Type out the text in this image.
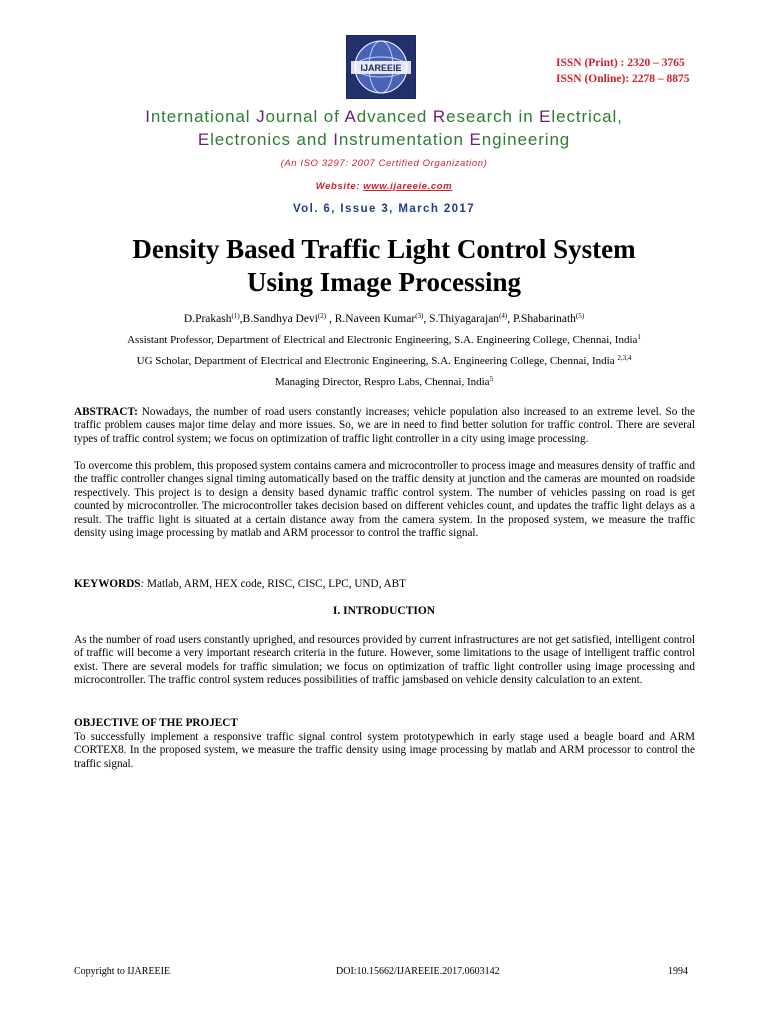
IJAREEIE	ISSN (Print) : 2320 – 3765
ISSN (Online): 2278 – 8875
International Journal of Advanced Research in Electrical,
Electronics and Instrumentation Engineering
(An ISO 3297: 2007 Certified Organization)
Website: www.ijareeie.com
Vol. 6, Issue 3, March 2017
Density Based Traffic Light Control System
Using Image Processing
D.Prakash$^{(1)}$,B.Sandhya Devi$^{(2)}$ , R.Naveen Kumar$^{(3)}$, S.Thiyagarajan$^{(4)}$, P.Shabarinath$^{(5)}$
Assistant Professor, Department of Electrical and Electronic Engineering, S.A. Engineering College, Chennai, India$^1$
UG Scholar, Department of Electrical and Electronic Engineering, S.A. Engineering College, Chennai, India $^{2,3,4}$
Managing Director, Respro Labs, Chennai, India$^5$
ABSTRACT: Nowadays, the number of road users constantly increases; vehicle population also increased to an extreme level. So the traffic problem causes major time delay and more issues. So, we are in need to find better solution for traffic control. There are several types of traffic control system; we focus on optimization of traffic light controller in a city using image processing.
To overcome this problem, this proposed system contains camera and microcontroller to process image and measures density of traffic and the traffic controller changes signal timing automatically based on the traffic density at junction and the cameras are mounted on roadside respectively. This project is to design a density based dynamic traffic control system. The number of vehicles passing on road is get counted by microcontroller. The microcontroller takes decision based on different vehicles count, and updates the traffic light delays as a result. The traffic light is situated at a certain distance away from the camera system. In the proposed system, we measure the traffic density using image processing by matlab and ARM processor to control the traffic signal.
KEYWORDS: Matlab, ARM, HEX code, RISC, CISC, LPC, UND, ABT
I. INTRODUCTION
As the number of road users constantly uprighed, and resources provided by current infrastructures are not get satisfied, intelligent control of traffic will become a very important research criteria in the future. However, some limitations to the usage of intelligent traffic control exist. There are several models for traffic simulation; we focus on optimization of traffic light controller using image processing and microcontroller. The traffic control system reduces possibilities of traffic jamsbased on vehicle density calculation to an extent.
OBJECTIVE OF THE PROJECT
To successfully implement a responsive traffic signal control system prototypewhich in early stage used a beagle board and ARM CORTEX8. In the proposed system, we measure the traffic density using image processing by matlab and ARM processor to control the traffic signal.
Copyright to IJAREEIE	DOI:10.15662/IJAREEIE.2017.0603142	1994
